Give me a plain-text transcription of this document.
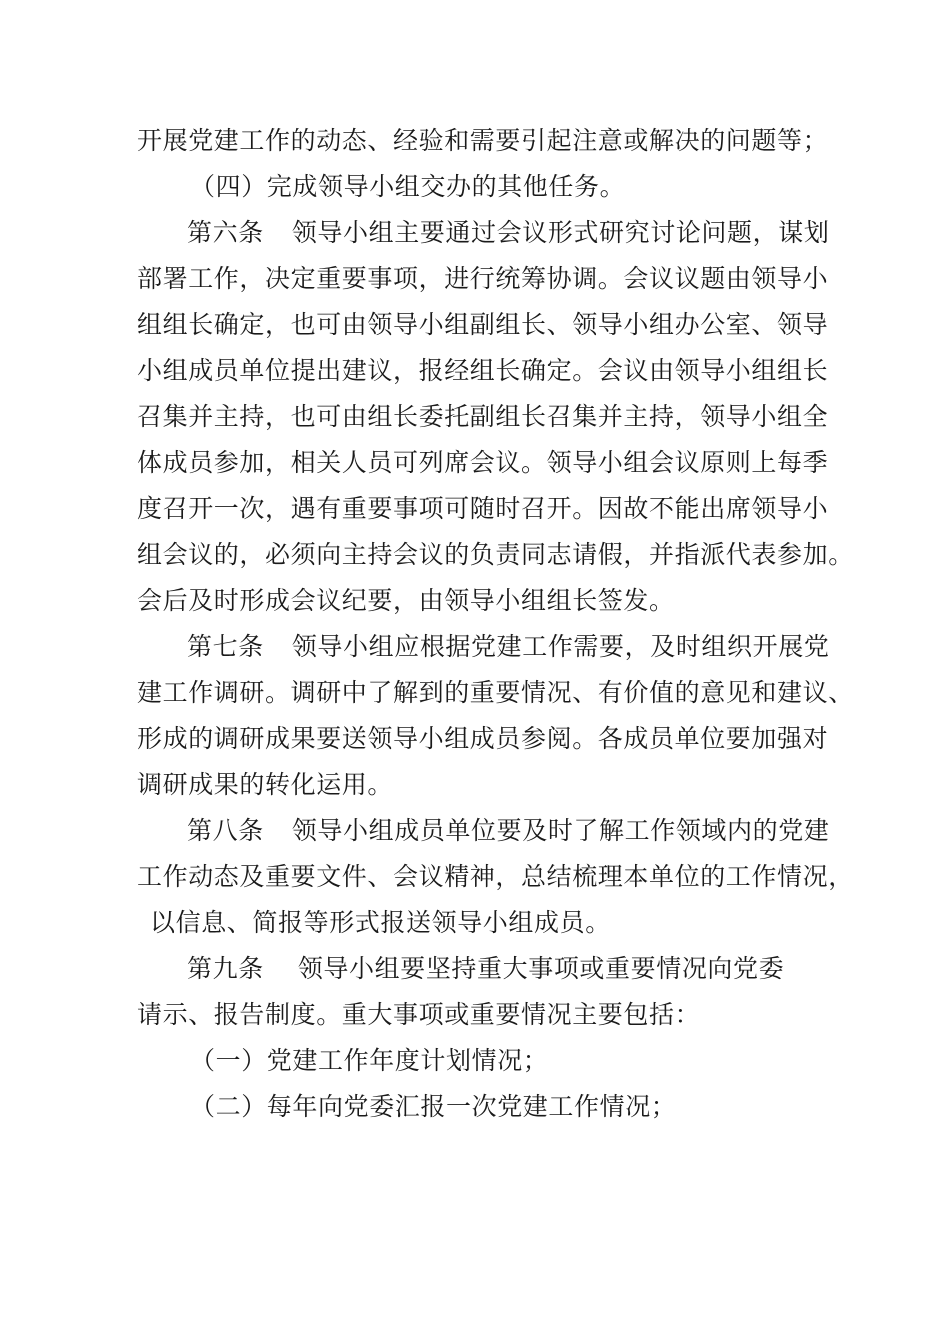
开展党建工作的动态、经验和需要引起注意或解决的问题等；
（四）完成领导小组交办的其他任务。
第六条 领导小组主要通过会议形式研究讨论问题，谋划
部署工作，决定重要事项，进行统筹协调。会议议题由领导小
组组长确定，也可由领导小组副组长、领导小组办公室、领导
小组成员单位提出建议，报经组长确定。会议由领导小组组长
召集并主持，也可由组长委托副组长召集并主持，领导小组全
体成员参加，相关人员可列席会议。领导小组会议原则上每季
度召开一次，遇有重要事项可随时召开。因故不能出席领导小
组会议的，必须向主持会议的负责同志请假，并指派代表参加。
会后及时形成会议纪要，由领导小组组长签发。
第七条 领导小组应根据党建工作需要，及时组织开展党
建工作调研。调研中了解到的重要情况、有价值的意见和建议、
形成的调研成果要送领导小组成员参阅。各成员单位要加强对
调研成果的转化运用。
第八条 领导小组成员单位要及时了解工作领域内的党建
工作动态及重要文件、会议精神，总结梳理本单位的工作情况，
以信息、简报等形式报送领导小组成员。
第九条 领导小组要坚持重大事项或重要情况向党委
请示、报告制度。重大事项或重要情况主要包括：
（一）党建工作年度计划情况；
（二）每年向党委汇报一次党建工作情况；
